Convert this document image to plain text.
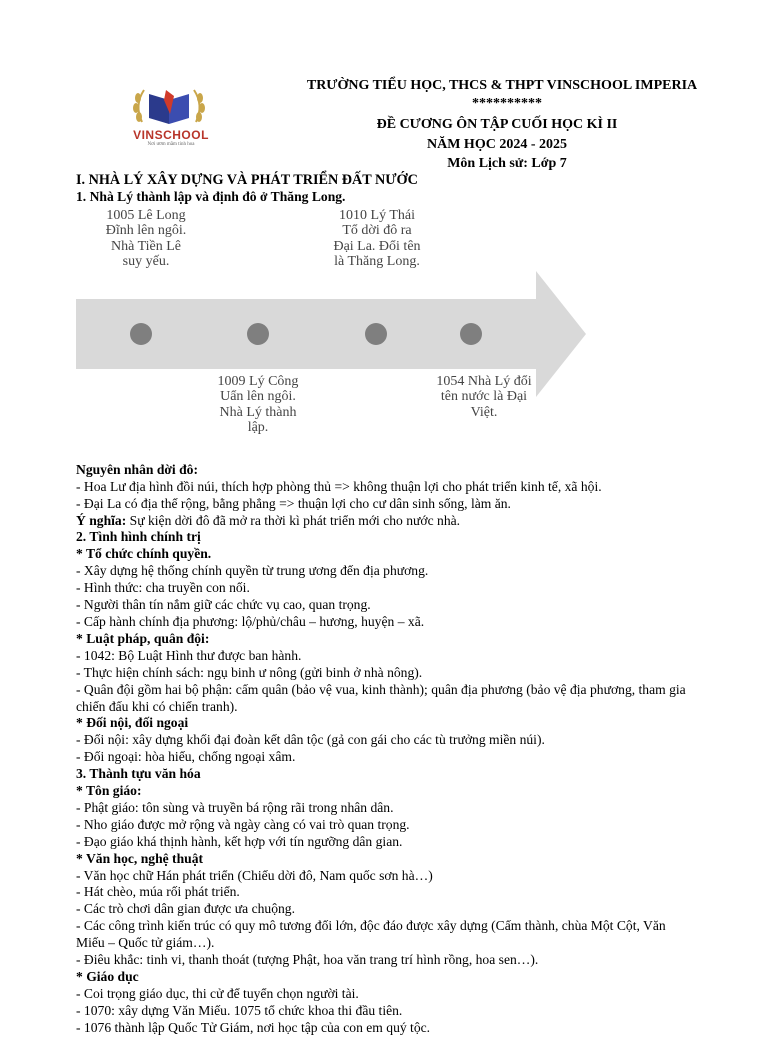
VINSCHOOL
Nơi ươm mầm tinh hoa
TRƯỜNG TIỂU HỌC, THCS & THPT VINSCHOOL IMPERIA
**********
ĐỀ CƯƠNG ÔN TẬP CUỐI HỌC KÌ II
NĂM HỌC 2024 - 2025
Môn Lịch sử: Lớp 7

I. NHÀ LÝ XÂY DỰNG VÀ PHÁT TRIỂN ĐẤT NƯỚC

1. Nhà Lý thành lập và định đô ở Thăng Long.

1005 Lê Long Đĩnh lên ngôi. Nhà Tiền Lê suy yếu.
1010 Lý Thái Tổ dời đô ra Đại La. Đổi tên là Thăng Long.
1009 Lý Công Uẩn lên ngôi. Nhà Lý thành lập.
1054 Nhà Lý đổi tên nước là Đại Việt.

Nguyên nhân dời đô:

- Hoa Lư địa hình đồi núi, thích hợp phòng thủ => không thuận lợi cho phát triển kinh tế, xã hội.

- Đại La có địa thế rộng, bằng phẳng => thuận lợi cho cư dân sinh sống, làm ăn.

Ý nghĩa: Sự kiện dời đô đã mở ra thời kì phát triển mới cho nước nhà.

2. Tình hình chính trị

* Tổ chức chính quyền.

- Xây dựng hệ thống chính quyền từ trung ương đến địa phương.

- Hình thức: cha truyền con nối.

- Người thân tín nắm giữ các chức vụ cao, quan trọng.

- Cấp hành chính địa phương: lộ/phủ/châu – hương, huyện – xã.

* Luật pháp, quân đội:

- 1042: Bộ Luật Hình thư được ban hành.

- Thực hiện chính sách: ngụ binh ư nông (gửi binh ở nhà nông).

- Quân đội gồm hai bộ phận: cấm quân (bảo vệ vua, kinh thành); quân địa phương (bảo vệ địa phương, tham gia chiến đấu khi có chiến tranh).

* Đối nội, đối ngoại

- Đối nội: xây dựng khối đại đoàn kết dân tộc (gả con gái cho các tù trưởng miền núi).

- Đối ngoại: hòa hiếu, chống ngoại xâm.

3. Thành tựu văn hóa

* Tôn giáo:

- Phật giáo: tôn sùng và truyền bá rộng rãi trong nhân dân.

- Nho giáo được mở rộng và ngày càng có vai trò quan trọng.

- Đạo giáo khá thịnh hành, kết hợp với tín ngưỡng dân gian.

* Văn học, nghệ thuật

- Văn học chữ Hán phát triển (Chiếu dời đô, Nam quốc sơn hà…)

- Hát chèo, múa rối phát triển.

- Các trò chơi dân gian được ưa chuộng.

- Các công trình kiến trúc có quy mô tương đối lớn, độc đáo được xây dựng (Cấm thành, chùa Một Cột, Văn Miếu – Quốc tử giám…).

- Điêu khắc: tinh vi, thanh thoát (tượng Phật, hoa văn trang trí hình rồng, hoa sen…).

* Giáo dục

- Coi trọng giáo dục, thi cử để tuyển chọn người tài.

- 1070: xây dựng Văn Miếu. 1075 tổ chức khoa thi đầu tiên.

- 1076 thành lập Quốc Tử Giám, nơi học tập của con em quý tộc.
